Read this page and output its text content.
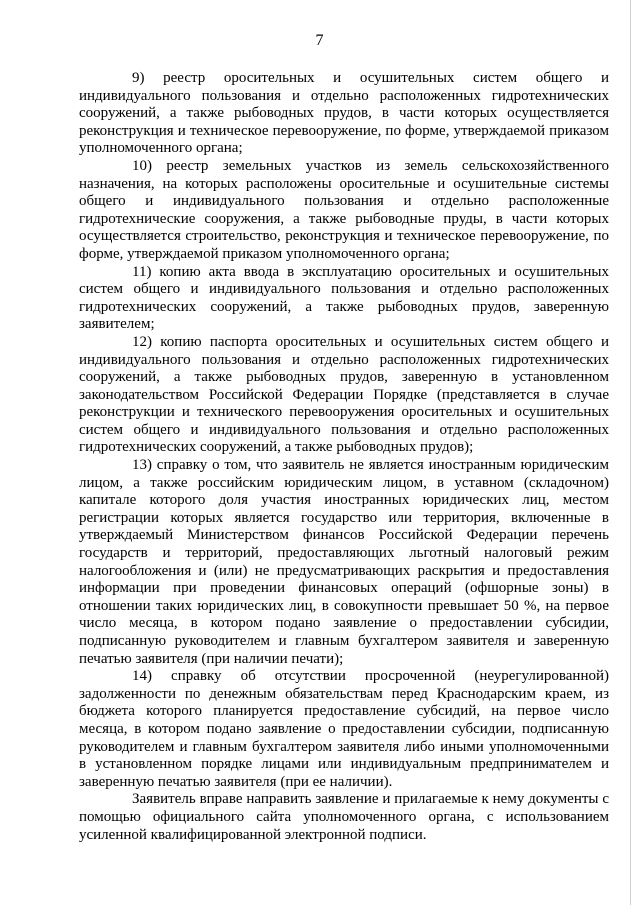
7

9) реестр оросительных и осушительных систем общего и индивидуального пользования и отдельно расположенных гидротехнических сооружений, а также рыбоводных прудов, в части которых осуществляется реконструкция и техническое перевооружение, по форме, утверждаемой приказом уполномоченного органа;

10) реестр земельных участков из земель сельскохозяйственного назначения, на которых расположены оросительные и осушительные системы общего и индивидуального пользования и отдельно расположенные гидротехнические сооружения, а также рыбоводные пруды, в части которых осуществляется строительство, реконструкция и техническое перевооружение, по форме, утверждаемой приказом уполномоченного органа;

11) копию акта ввода в эксплуатацию оросительных и осушительных систем общего и индивидуального пользования и отдельно расположенных гидротехнических сооружений, а также рыбоводных прудов, заверенную заявителем;

12) копию паспорта оросительных и осушительных систем общего и индивидуального пользования и отдельно расположенных гидротехнических сооружений, а также рыбоводных прудов, заверенную в установленном законодательством Российской Федерации Порядке (представляется в случае реконструкции и технического перевооружения оросительных и осушительных систем общего и индивидуального пользования и отдельно расположенных гидротехнических сооружений, а также рыбоводных прудов);

13) справку о том, что заявитель не является иностранным юридическим лицом, а также российским юридическим лицом, в уставном (складочном) капитале которого доля участия иностранных юридических лиц, местом регистрации которых является государство или территория, включенные в утверждаемый Министерством финансов Российской Федерации перечень государств и территорий, предоставляющих льготный налоговый режим налогообложения и (или) не предусматривающих раскрытия и предоставления информации при проведении финансовых операций (офшорные зоны) в отношении таких юридических лиц, в совокупности превышает 50 %, на первое число месяца, в котором подано заявление о предоставлении субсидии, подписанную руководителем и главным бухгалтером заявителя и заверенную печатью заявителя (при наличии печати);

14) справку об отсутствии просроченной (неурегулированной) задолженности по денежным обязательствам перед Краснодарским краем, из бюджета которого планируется предоставление субсидий, на первое число месяца, в котором подано заявление о предоставлении субсидии, подписанную руководителем и главным бухгалтером заявителя либо иными уполномоченными в установленном порядке лицами или индивидуальным предпринимателем и заверенную печатью заявителя (при ее наличии).

Заявитель вправе направить заявление и прилагаемые к нему документы с помощью официального сайта уполномоченного органа, с использованием усиленной квалифицированной электронной подписи.
